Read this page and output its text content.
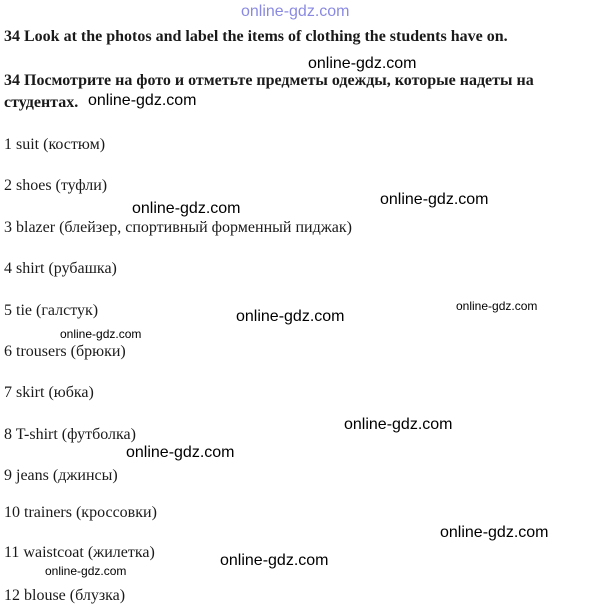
online-gdz.com
34 Look at the photos and label the items of clothing the students have on.
34 Посмотрите на фото и отметьте предметы одежды, которые надеты на
студентах.
1 suit (костюм)
2 shoes (туфли)
3 blazer (блейзер, спортивный форменный пиджак)
4 shirt (рубашка)
5 tie (галстук)
6 trousers (брюки)
7 skirt (юбка)
8 T-shirt (футболка)
9 jeans (джинсы)
10 trainers (кроссовки)
11 waistcoat (жилетка)
12 blouse (блузка)
online-gdz.com
online-gdz.com
online-gdz.com
online-gdz.com
online-gdz.com
online-gdz.com
online-gdz.com
online-gdz.com
online-gdz.com
online-gdz.com
online-gdz.com
online-gdz.com
